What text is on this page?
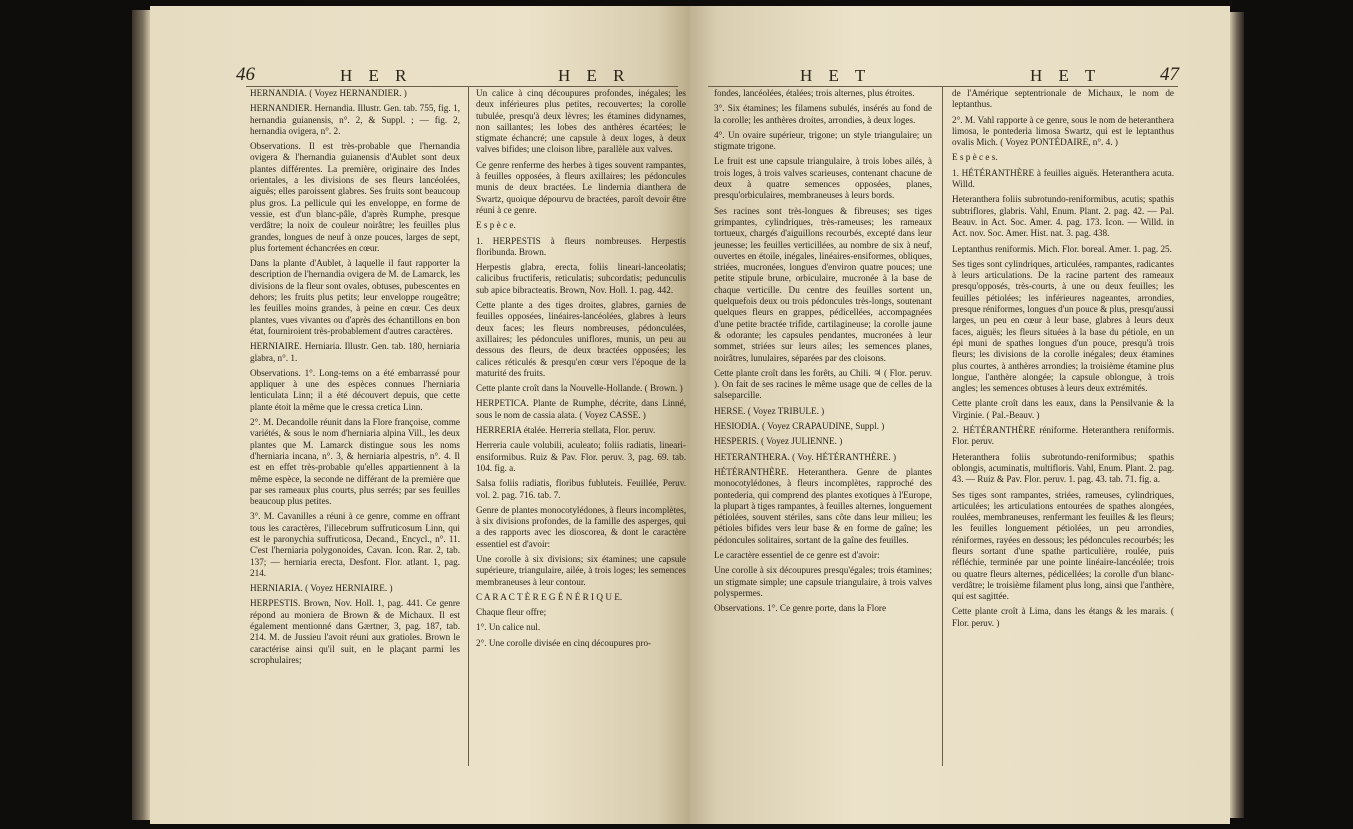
46	H E R	H E R

HERNANDIA. ( Voyez HERNANDIER. )

HERNANDIER. Hernandia. Illustr. Gen. tab. 755, fig. 1, hernandia guianensis, n°. 2, & Suppl. ; — fig. 2, hernandia ovigera, n°. 2.

Observations. Il est très-probable que l'hernandia ovigera & l'hernandia guianensis d'Aublet sont deux plantes différentes. La première, originaire des Indes orientales, a les divisions de ses fleurs lancéolées, aiguës; elles paroissent glabres. Ses fruits sont beaucoup plus gros. La pellicule qui les enveloppe, en forme de vessie, est d'un blanc-pâle, d'après Rumphe, presque verdâtre; la noix de couleur noirâtre; les feuilles plus grandes, longues de neuf à onze pouces, larges de sept, plus fortement échancrées en cœur.

Dans la plante d'Aublet, à laquelle il faut rapporter la description de l'hernandia ovigera de M. de Lamarck, les divisions de la fleur sont ovales, obtuses, pubescentes en dehors; les fruits plus petits; leur enveloppe rougeâtre; les feuilles moins grandes, à peine en cœur. Ces deux plantes, vues vivantes ou d'après des échantillons en bon état, fourniroient très-probablement d'autres caractères.

HERNIAIRE. Herniaria. Illustr. Gen. tab. 180, herniaria glabra, n°. 1.

Observations. 1°. Long-tems on a été embarrassé pour appliquer à une des espèces connues l'herniaria lenticulata Linn; il a été découvert depuis, que cette plante étoit la même que le cressa cretica Linn.

2°. M. Decandolle réunit dans la Flore françoise, comme variétés, & sous le nom d'herniaria alpina Vill., les deux plantes que M. Lamarck distingue sous les noms d'herniaria incana, n°. 3, & herniaria alpestris, n°. 4. Il est en effet très-probable qu'elles appartiennent à la même espèce, la seconde ne différant de la première que par ses rameaux plus courts, plus serrés; par ses feuilles beaucoup plus petites.

3°. M. Cavanilles a réuni à ce genre, comme en offrant tous les caractères, l'illecebrum suffruticosum Linn, qui est le paronychia suffruticosa, Decand., Encycl., n°. 11. C'est l'herniaria polygonoides, Cavan. Icon. Rar. 2, tab. 137; — herniaria erecta, Desfont. Flor. atlant. 1, pag. 214.

HERNIARIA. ( Voyez HERNIAIRE. )

HERPESTIS. Brown, Nov. Holl. 1, pag. 441. Ce genre répond au moniera de Brown & de Michaux. Il est également mentionné dans Gærtner, 3, pag. 187, tab. 214. M. de Jussieu l'avoit réuni aux gratioles. Brown le caractérise ainsi qu'il suit, en le plaçant parmi les scrophulaires;

Un calice à cinq découpures profondes, inégales; les deux inférieures plus petites, recouvertes; la corolle tubulée, presqu'à deux lèvres; les étamines didynames, non saillantes; les lobes des anthères écartées; le stigmate échancré; une capsule à deux loges, à deux valves bifides; une cloison libre, parallèle aux valves.

Ce genre renferme des herbes à tiges souvent rampantes, à feuilles opposées, à fleurs axillaires; les pédoncules munis de deux bractées. Le lindernia dianthera de Swartz, quoique dépourvu de bractées, paroît devoir être réuni à ce genre.

E s p è c e.

1. HERPESTIS à fleurs nombreuses. Herpestis floribunda. Brown.

Herpestis glabra, erecta, foliis lineari-lanceolatis; calicibus fructiferis, reticulatis; subcordatis; pedunculis sub apice bibracteatis. Brown, Nov. Holl. 1. pag. 442.

Cette plante a des tiges droites, glabres, garnies de feuilles opposées, linéaires-lancéolées, glabres à leurs deux faces; les fleurs nombreuses, pédonculées, axillaires; les pédoncules uniflores, munis, un peu au dessous des fleurs, de deux bractées opposées; les calices réticulés & presqu'en cœur vers l'époque de la maturité des fruits.

Cette plante croît dans la Nouvelle-Hollande. ( Brown. )

HERPETICA. Plante de Rumphe, décrite, dans Linné, sous le nom de cassia alata. ( Voyez CASSE. )

HERRERIA étalée. Herreria stellata, Flor. peruv.

Herreria caule volubili, aculeato; foliis radiatis, lineari-ensiformibus. Ruiz & Pav. Flor. peruv. 3, pag. 69. tab. 104. fig. a.

Salsa foliis radiatis, floribus fubluteis. Feuillée, Peruv. vol. 2. pag. 716. tab. 7.

Genre de plantes monocotylédones, à fleurs incomplètes, à six divisions profondes, de la famille des asperges, qui a des rapports avec les dioscorea, & dont le caractère essentiel est d'avoir:

Une corolle à six divisions; six étamines; une capsule supérieure, triangulaire, ailée, à trois loges; les semences membraneuses à leur contour.

C A R A C T È R E G É N É R I Q U E.

Chaque fleur offre;

1°. Un calice nul.

2°. Une corolle divisée en cinq découpures pro-

H E T	H E T	47

fondes, lancéolées, étalées; trois alternes, plus étroites.

3°. Six étamines; les filamens subulés, insérés au fond de la corolle; les anthères droites, arrondies, à deux loges.

4°. Un ovaire supérieur, trigone; un style triangulaire; un stigmate trigone.

Le fruit est une capsule triangulaire, à trois lobes ailés, à trois loges, à trois valves scarieuses, contenant chacune de deux à quatre semences opposées, planes, presqu'orbiculaires, membraneuses à leurs bords.

Ses racines sont très-longues & fibreuses; ses tiges grimpantes, cylindriques, très-rameuses; les rameaux tortueux, chargés d'aiguillons recourbés, excepté dans leur jeunesse; les feuilles verticillées, au nombre de six à neuf, ouvertes en étoile, inégales, linéaires-ensiformes, obliques, striées, mucronées, longues d'environ quatre pouces; une petite stipule brune, orbiculaire, mucronée à la base de chaque verticille. Du centre des feuilles sortent un, quelquefois deux ou trois pédoncules très-longs, soutenant quelques fleurs en grappes, pédicellées, accompagnées d'une petite bractée trifide, cartilagineuse; la corolle jaune & odorante; les capsules pendantes, mucronées à leur sommet, striées sur leurs ailes; les semences planes, noirâtres, lunulaires, séparées par des cloisons.

Cette plante croît dans les forêts, au Chili. ♃ ( Flor. peruv. ). On fait de ses racines le même usage que de celles de la salseparcille.

HERSE. ( Voyez TRIBULE. )

HESIODIA. ( Voyez CRAPAUDINE, Suppl. )

HESPERIS. ( Voyez JULIENNE. )

HETERANTHERA. ( Voy. HÉTÉRANTHÈRE. )

HÉTÉRANTHÈRE. Heteranthera. Genre de plantes monocotylédones, à fleurs incomplètes, rapproché des pontederia, qui comprend des plantes exotiques à l'Europe, la plupart à tiges rampantes, à feuilles alternes, longuement pétiolées, souvent stériles, sans côte dans leur milieu; les pétioles bifides vers leur base & en forme de gaîne; les pédoncules solitaires, sortant de la gaîne des feuilles.

Le caractère essentiel de ce genre est d'avoir:

Une corolle à six découpures presqu'égales; trois étamines; un stigmate simple; une capsule triangulaire, à trois valves polyspermes.

Observations. 1°. Ce genre porte, dans la Flore

de l'Amérique septentrionale de Michaux, le nom de leptanthus.

2°. M. Vahl rapporte à ce genre, sous le nom de heteranthera limosa, le pontederia limosa Swartz, qui est le leptanthus ovalis Mich. ( Voyez PONTÉDAIRE, n°. 4. )

E s p è c e s.

1. HÉTÉRANTHÈRE à feuilles aiguës. Heteranthera acuta. Willd.

Heteranthera foliis subrotundo-reniformibus, acutis; spathis subtriflores, glabris. Vahl, Enum. Plant. 2. pag. 42. — Pal. Beauv. in Act. Soc. Amer. 4. pag. 173. Icon. — Willd. in Act. nov. Soc. Amer. Hist. nat. 3. pag. 438.

Leptanthus reniformis. Mich. Flor. boreal. Amer. 1. pag. 25.

Ses tiges sont cylindriques, articulées, rampantes, radicantes à leurs articulations. De la racine partent des rameaux presqu'opposés, très-courts, à une ou deux feuilles; les feuilles pétiolées; les inférieures nageantes, arrondies, presque réniformes, longues d'un pouce & plus, presqu'aussi larges, un peu en cœur à leur base, glabres à leurs deux faces, aiguës; les fleurs situées à la base du pétiole, en un épi muni de spathes longues d'un pouce, presqu'à trois fleurs; les divisions de la corolle inégales; deux étamines plus courtes, à anthères arrondies; la troisième étamine plus longue, l'anthère alongée; la capsule oblongue, à trois angles; les semences obtuses à leurs deux extrémités.

Cette plante croît dans les eaux, dans la Pensilvanie & la Virginie. ( Pal.-Beauv. )

2. HÉTÉRANTHÈRE réniforme. Heteranthera reniformis. Flor. peruv.

Heteranthera foliis subrotundo-reniformibus; spathis oblongis, acuminatis, multifloris. Vahl, Enum. Plant. 2. pag. 43. — Ruiz & Pav. Flor. peruv. 1. pag. 43. tab. 71. fig. a.

Ses tiges sont rampantes, striées, rameuses, cylindriques, articulées; les articulations entourées de spathes alongées, roulées, membraneuses, renfermant les feuilles & les fleurs; les feuilles longuement pétiolées, un peu arrondies, réniformes, rayées en dessous; les pédoncules recourbés; les fleurs sortant d'une spathe particulière, roulée, puis réfléchie, terminée par une pointe linéaire-lancéolée; trois ou quatre fleurs alternes, pédicellées; la corolle d'un blanc-verdâtre; le troisième filament plus long, ainsi que l'anthère, qui est sagittée.

Cette plante croît à Lima, dans les étangs & les marais. ( Flor. peruv. )
